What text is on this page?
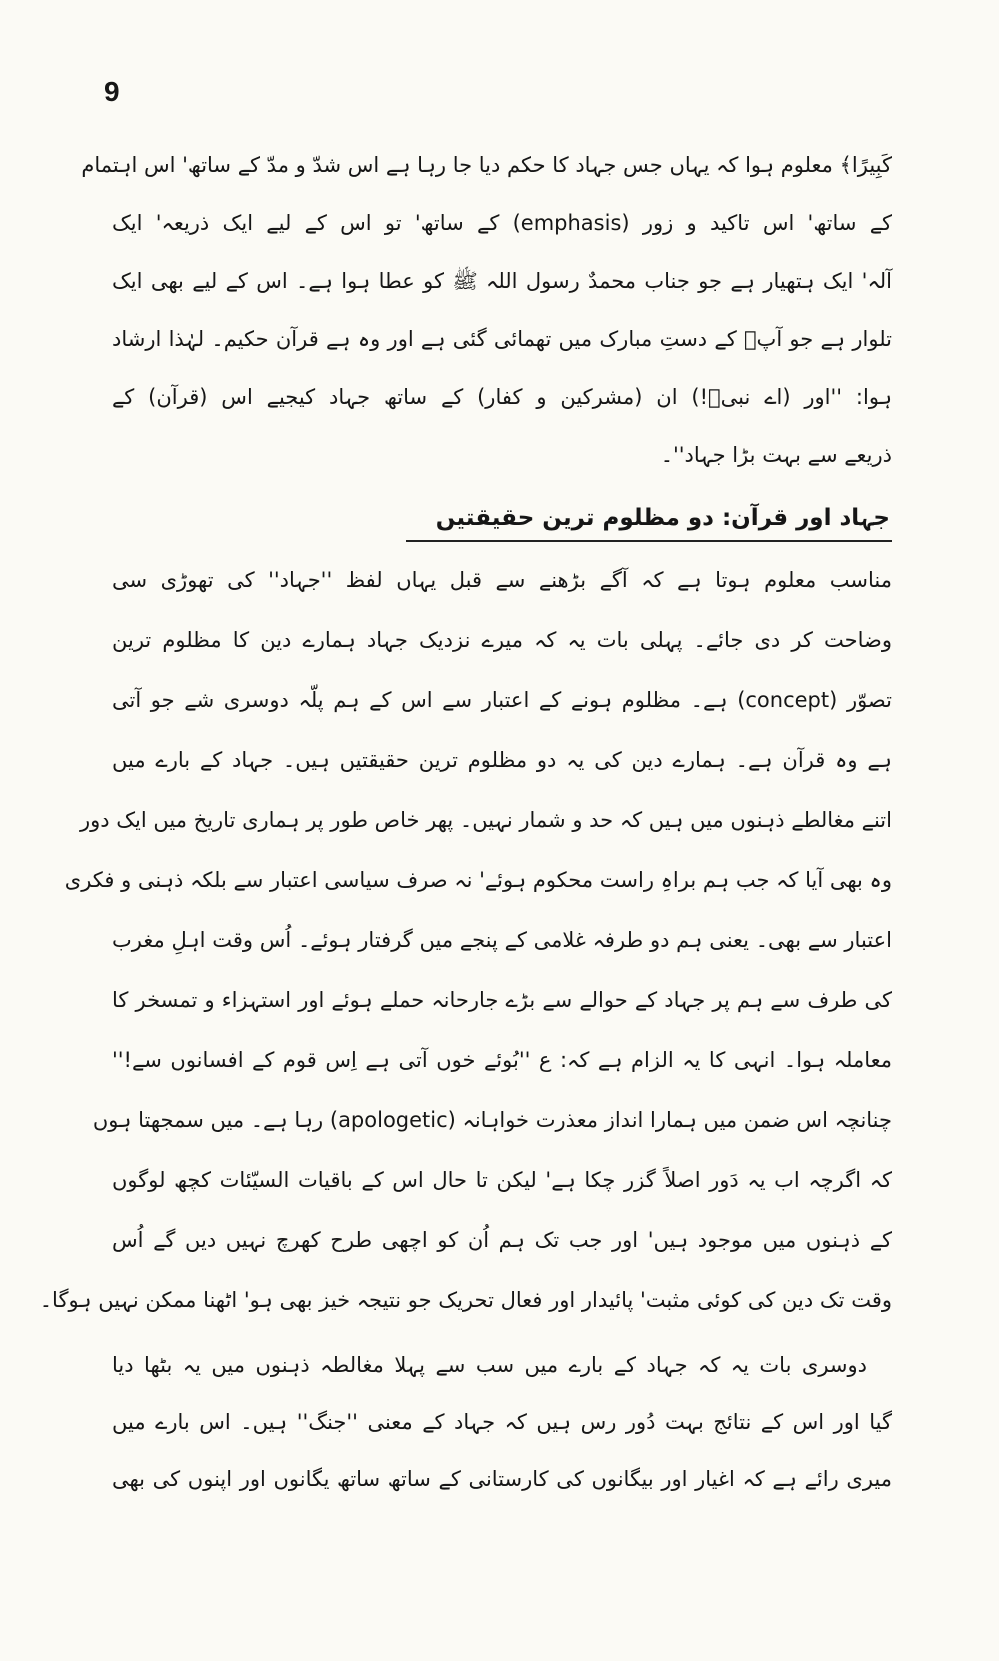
9
كَبِيرًا﴾ معلوم ہوا کہ یہاں جس جہاد کا حکم دیا جا رہا ہے اس شدّ و مدّ کے ساتھ' اس اہتمام
کے ساتھ' اس تاکید و زور (emphasis) کے ساتھ' تو اس کے لیے ایک ذریعہ' ایک
آلہ' ایک ہتھیار ہے جو جناب محمدٌ رسول اللہ ﷺ کو عطا ہوا ہے۔ اس کے لیے بھی ایک
تلوار ہے جو آپؐ کے دستِ مبارک میں تھمائی گئی ہے اور وہ ہے قرآن حکیم۔ لہٰذا ارشاد
ہوا: ''اور (اے نبیؐ!) ان (مشرکین و کفار) کے ساتھ جہاد کیجیے اس (قرآن) کے
ذریعے سے بہت بڑا جہاد''۔
جہاد اور قرآن: دو مظلوم ترین حقیقتیں
مناسب معلوم ہوتا ہے کہ آگے بڑھنے سے قبل یہاں لفظ ''جہاد'' کی تھوڑی سی
وضاحت کر دی جائے۔ پہلی بات یہ کہ میرے نزدیک جہاد ہمارے دین کا مظلوم ترین
تصوّر (concept) ہے۔ مظلوم ہونے کے اعتبار سے اس کے ہم پلّہ دوسری شے جو آتی
ہے وہ قرآن ہے۔ ہمارے دین کی یہ دو مظلوم ترین حقیقتیں ہیں۔ جہاد کے بارے میں
اتنے مغالطے ذہنوں میں ہیں کہ حد و شمار نہیں۔ پھر خاص طور پر ہماری تاریخ میں ایک دور
وہ بھی آیا کہ جب ہم براہِ راست محکوم ہوئے' نہ صرف سیاسی اعتبار سے بلکہ ذہنی و فکری
اعتبار سے بھی۔ یعنی ہم دو طرفہ غلامی کے پنجے میں گرفتار ہوئے۔ اُس وقت اہلِ مغرب
کی طرف سے ہم پر جہاد کے حوالے سے بڑے جارحانہ حملے ہوئے اور استہزاء و تمسخر کا
معاملہ ہوا۔ انہی کا یہ الزام ہے کہ: ع ''بُوئے خوں آتی ہے اِس قوم کے افسانوں سے!''
چنانچہ اس ضمن میں ہمارا انداز معذرت خواہانہ (apologetic) رہا ہے۔ میں سمجھتا ہوں
کہ اگرچہ اب یہ دَور اصلاً گزر چکا ہے' لیکن تا حال اس کے باقیات السیّئات کچھ لوگوں
کے ذہنوں میں موجود ہیں' اور جب تک ہم اُن کو اچھی طرح کھرچ نہیں دیں گے اُس
وقت تک دین کی کوئی مثبت' پائیدار اور فعال تحریک جو نتیجہ خیز بھی ہو' اٹھنا ممکن نہیں ہوگا۔
دوسری بات یہ کہ جہاد کے بارے میں سب سے پہلا مغالطہ ذہنوں میں یہ بٹھا دیا
گیا اور اس کے نتائج بہت دُور رس ہیں کہ جہاد کے معنی ''جنگ'' ہیں۔ اس بارے میں
میری رائے ہے کہ اغیار اور بیگانوں کی کارستانی کے ساتھ ساتھ یگانوں اور اپنوں کی بھی
